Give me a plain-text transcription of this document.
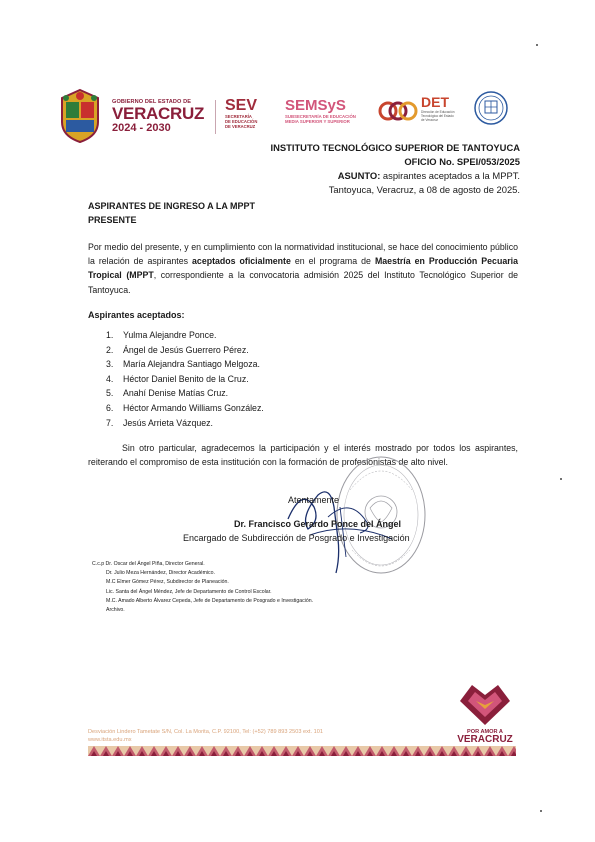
GOBIERNO DEL ESTADO DE
VERACRUZ
2024 - 2030
SEV
SECRETARÍA
DE EDUCACIÓN
DE VERACRUZ
SEMSyS
SUBSECRETARÍA DE EDUCACIÓN
MEDIA SUPERIOR Y SUPERIOR
DET
Dirección de Educación
Tecnológica del Estado
de Veracruz
INSTITUTO TECNOLÓGICO SUPERIOR DE TANTOYUCA
OFICIO No. SPEI/053/2025
ASUNTO: aspirantes aceptados a la MPPT.
Tantoyuca, Veracruz, a 08 de agosto de 2025.
ASPIRANTES DE INGRESO A LA MPPT
PRESENTE
Por medio del presente, y en cumplimiento con la normatividad institucional, se hace del conocimiento público la relación de aspirantes aceptados oficialmente en el programa de Maestría en Producción Pecuaria Tropical (MPPT, correspondiente a la convocatoria admisión 2025 del Instituto Tecnológico Superior de Tantoyuca.
Aspirantes aceptados:
1. Yulma Alejandre Ponce.
2. Ángel de Jesús Guerrero Pérez.
3. María Alejandra Santiago Melgoza.
4. Héctor Daniel Benito de la Cruz.
5. Anahí Denise Matías Cruz.
6. Héctor Armando Williams González.
7. Jesús Arrieta Vázquez.
Sin otro particular, agradecemos la participación y el interés mostrado por todos los aspirantes, reiterando el compromiso de esta institución con la formación de profesionistas de alto nivel.
Atentamente
Dr. Francisco Gerardo Ponce del Ángel
Encargado de Subdirección de Posgrado e Investigación
C.c.p Dr. Oscar del Ángel Piña, Director General.
Dr. Julio Meza Hernández, Director Académico.
M.C Elmer Gómez Pérez, Subdirector de Planeación.
Lic. Santa del Ángel Méndez, Jefe de Departamento de Control Escolar.
M.C. Amado Alberto Álvarez Cepeda, Jefe de Departamento de Posgrado e Investigación.
Archivo.
POR AMOR A
VERACRUZ
Desviación Lindero Tametate S/N, Col. La Morita, C.P. 92100, Tel: (+52) 789 893 2503 ext. 101
www.itsta.edu.mx
